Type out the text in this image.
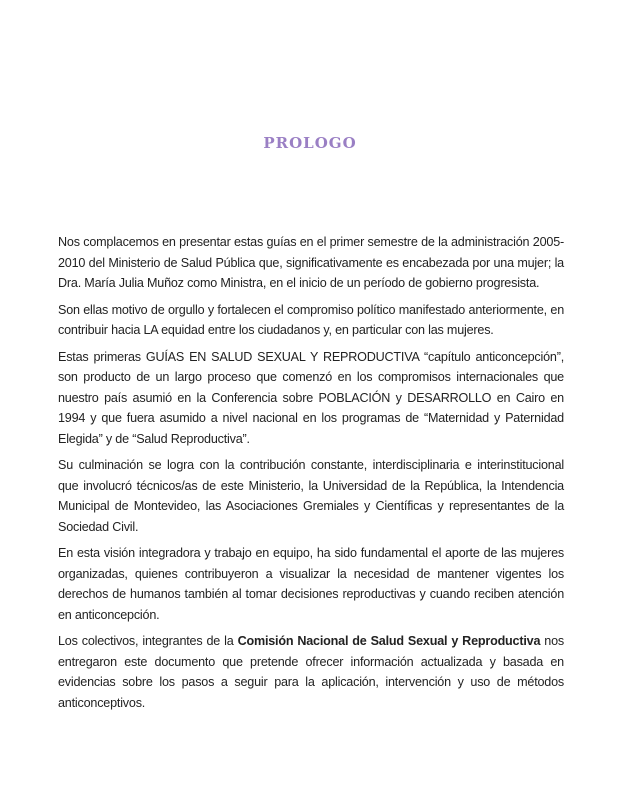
PROLOGO

Nos complacemos en presentar estas guías en el primer semestre de la administración 2005-2010 del Ministerio de Salud Pública que, significativamente es encabezada por una mujer; la Dra. María Julia Muñoz como Ministra, en el inicio de un período de gobierno progresista.

Son ellas motivo de orgullo y fortalecen el compromiso político manifestado anteriormente, en contribuir hacia LA equidad entre los ciudadanos y, en particular con las mujeres.

Estas primeras GUÍAS EN SALUD SEXUAL Y REPRODUCTIVA “capítulo anticoncepción”, son producto de un largo proceso que comenzó en los compromisos internacionales que nuestro país asumió en la Conferencia sobre POBLACIÓN y DESARROLLO en Cairo en 1994 y que fuera asumido a nivel nacional en los programas de “Maternidad y Paternidad Elegida” y de “Salud Reproductiva”.

Su culminación se logra con la contribución constante, interdisciplinaria e interinstitucional que involucró técnicos/as de este Ministerio, la Universidad de la República, la Intendencia Municipal de Montevideo, las Asociaciones Gremiales y Científicas y representantes de la Sociedad Civil.

En esta visión integradora y trabajo en equipo, ha sido fundamental el aporte de las mujeres organizadas, quienes contribuyeron a visualizar la necesidad de mantener vigentes los derechos de humanos también al tomar decisiones reproductivas y cuando reciben atención en anticoncepción.

Los colectivos, integrantes de la Comisión Nacional de Salud Sexual y Reproductiva nos entregaron este documento que pretende ofrecer información actualizada y basada en evidencias sobre los pasos a seguir para la aplicación, intervención y uso de métodos anticonceptivos.
